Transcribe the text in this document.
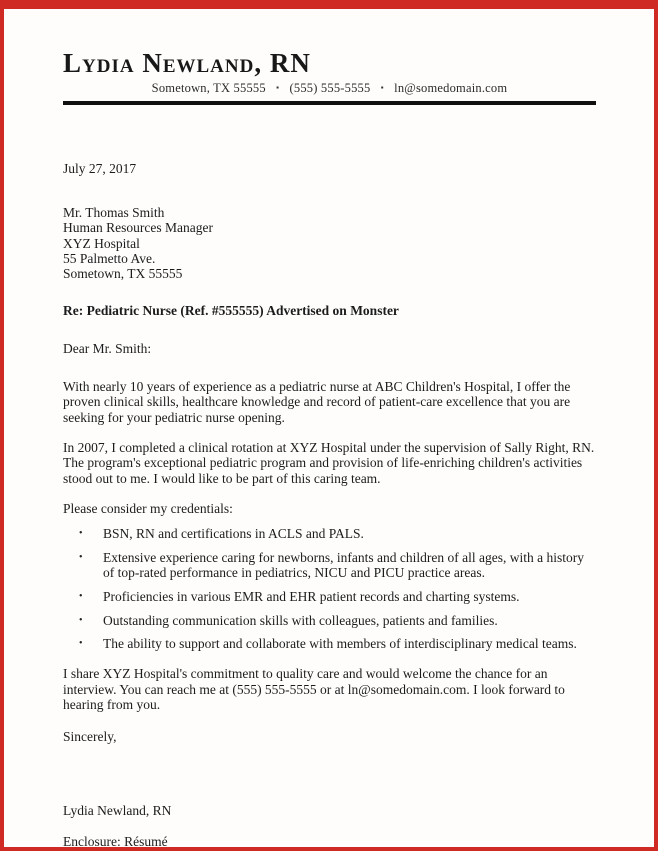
Lydia Newland, RN
Sometown, TX 55555 ▪ (555) 555-5555 ▪ ln@somedomain.com
July 27, 2017
Mr. Thomas Smith
Human Resources Manager
XYZ Hospital
55 Palmetto Ave.
Sometown, TX 55555
Re: Pediatric Nurse (Ref. #555555) Advertised on Monster
Dear Mr. Smith:

With nearly 10 years of experience as a pediatric nurse at ABC Children's Hospital, I offer the proven clinical skills, healthcare knowledge and record of patient-care excellence that you are seeking for your pediatric nurse opening.

In 2007, I completed a clinical rotation at XYZ Hospital under the supervision of Sally Right, RN. The program's exceptional pediatric program and provision of life-enriching children's activities stood out to me. I would like to be part of this caring team.

Please consider my credentials:
•	BSN, RN and certifications in ACLS and PALS.
•	Extensive experience caring for newborns, infants and children of all ages, with a history of top-rated performance in pediatrics, NICU and PICU practice areas.
•	Proficiencies in various EMR and EHR patient records and charting systems.
•	Outstanding communication skills with colleagues, patients and families.
•	The ability to support and collaborate with members of interdisciplinary medical teams.

I share XYZ Hospital's commitment to quality care and would welcome the chance for an interview. You can reach me at (555) 555-5555 or at ln@somedomain.com. I look forward to hearing from you.

Sincerely,
Lydia Newland, RN
Enclosure: Résumé
